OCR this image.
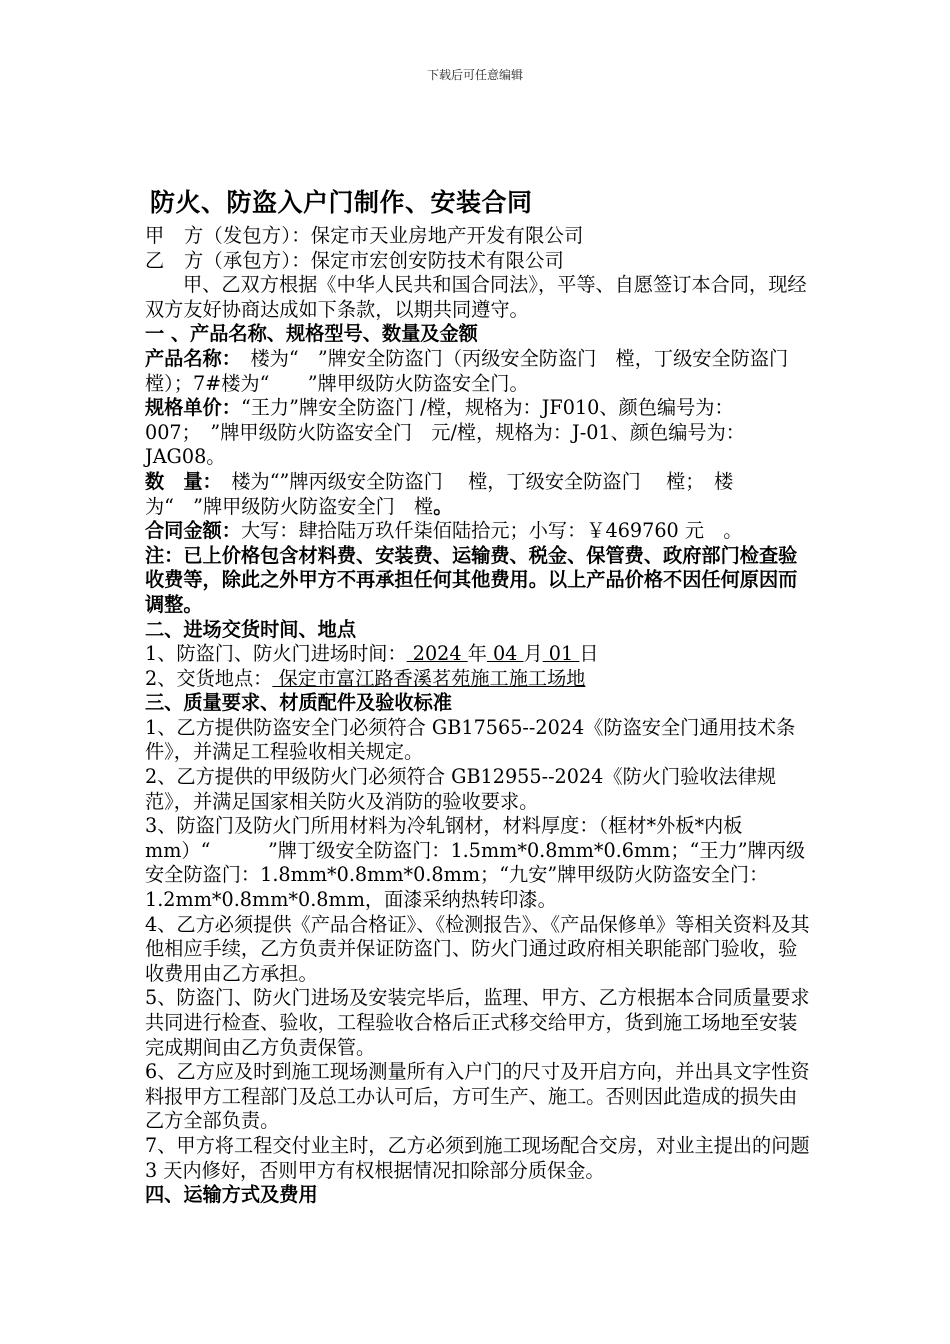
下载后可任意编辑
防火、防盗入户门制作、安装合同

甲　方（发包方）：保定市天业房地产开发有限公司

乙　方（承包方）：保定市宏创安防技术有限公司

甲、乙双方根据《中华人民共和国合同法》，平等、自愿签订本合同，现经双方友好协商达成如下条款，以期共同遵守。

一 、产品名称、规格型号、数量及金额

产品名称：　楼为“　”牌安全防盗门（丙级安全防盗门　樘，丁级安全防盗门樘）；7#楼为“　　”牌甲级防火防盗安全门。

规格单价：“王力”牌安全防盗门 /樘，规格为：JF010、颜色编号为：007；　”牌甲级防火防盗安全门　元/樘，规格为：J-01、颜色编号为：JAG08。

数　量：　楼为“”牌丙级安全防盗门　 樘，丁级安全防盗门　 樘；　楼为“　”牌甲级防火防盗安全门　樘。

合同金额：大写：肆拾陆万玖仟柒佰陆拾元；小写：￥469760 元　。

注：已上价格包含材料费、安装费、运输费、税金、保管费、政府部门检查验收费等，除此之外甲方不再承担任何其他费用。以上产品价格不因任何原因而调整。

二、进场交货时间、地点

1、防盗门、防火门进场时间： 2024 年 04 月 01 日

2、交货地点： 保定市富江路香溪茗苑施工施工场地

三、质量要求、材质配件及验收标准

1、乙方提供防盗安全门必须符合 GB17565--2024《防盗安全门通用技术条件》，并满足工程验收相关规定。

2、乙方提供的甲级防火门必须符合 GB12955--2024《防火门验收法律规范》，并满足国家相关防火及消防的验收要求。

3、防盗门及防火门所用材料为冷轧钢材，材料厚度：（框材*外板*内板 mm）“　　　”牌丁级安全防盗门：1.5mm*0.8mm*0.6mm；“王力”牌丙级安全防盗门：1.8mm*0.8mm*0.8mm；“九安”牌甲级防火防盗安全门：1.2mm*0.8mm*0.8mm，面漆采纳热转印漆。

4、乙方必须提供《产品合格证》、《检测报告》、《产品保修单》等相关资料及其他相应手续，乙方负责并保证防盗门、防火门通过政府相关职能部门验收，验收费用由乙方承担。

5、防盗门、防火门进场及安装完毕后，监理、甲方、乙方根据本合同质量要求共同进行检查、验收，工程验收合格后正式移交给甲方，货到施工场地至安装完成期间由乙方负责保管。

6、乙方应及时到施工现场测量所有入户门的尺寸及开启方向，并出具文字性资料报甲方工程部门及总工办认可后，方可生产、施工。否则因此造成的损失由乙方全部负责。

7、甲方将工程交付业主时，乙方必须到施工现场配合交房，对业主提出的问题 3 天内修好，否则甲方有权根据情况扣除部分质保金。

四、运输方式及费用
